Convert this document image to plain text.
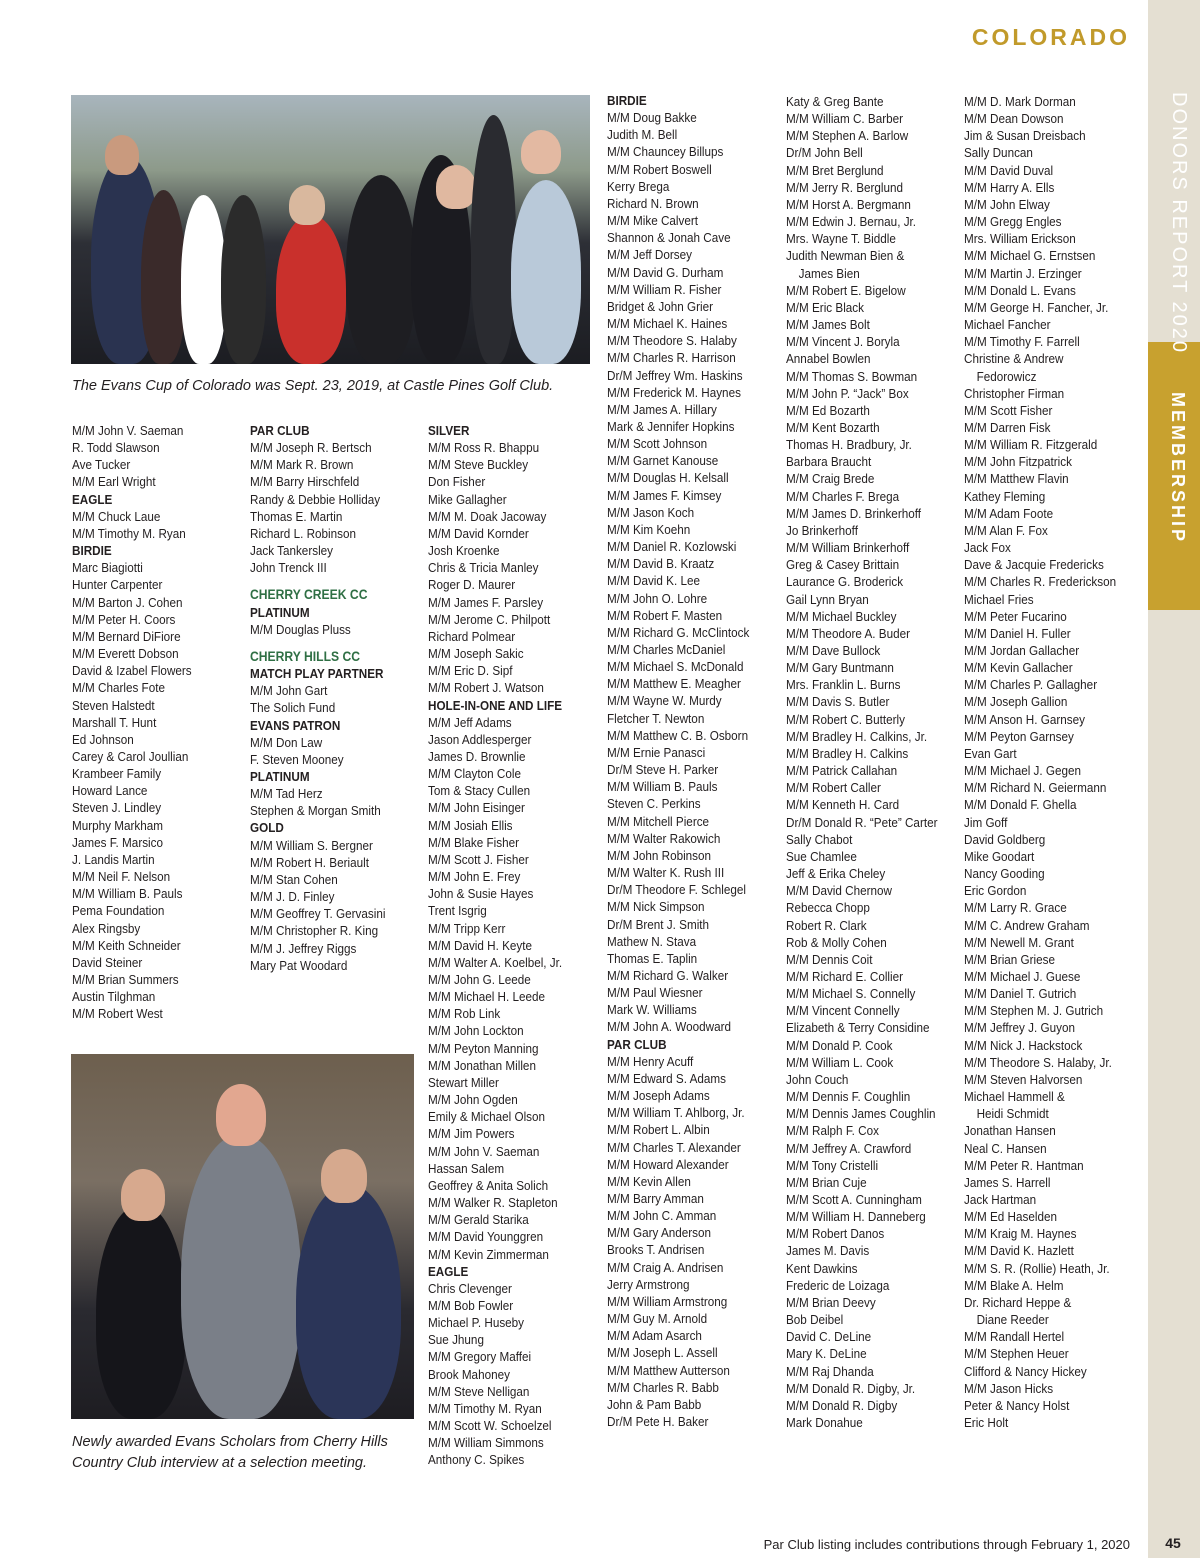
COLORADO
DONORS REPORT 2020
MEMBERSHIP
The Evans Cup of Colorado was Sept. 23, 2019, at Castle Pines Golf Club.
Newly awarded Evans Scholars from Cherry Hills Country Club interview at a selection meeting.
M/M John V. Saeman
R. Todd Slawson
Ave Tucker
M/M Earl Wright
EAGLE
M/M Chuck Laue
M/M Timothy M. Ryan
BIRDIE
Marc Biagiotti
Hunter Carpenter
M/M Barton J. Cohen
M/M Peter H. Coors
M/M Bernard DiFiore
M/M Everett Dobson
David & Izabel Flowers
M/M Charles Fote
Steven Halstedt
Marshall T. Hunt
Ed Johnson
Carey & Carol Joullian
Krambeer Family
Howard Lance
Steven J. Lindley
Murphy Markham
James F. Marsico
J. Landis Martin
M/M Neil F. Nelson
M/M William B. Pauls
Pema Foundation
Alex Ringsby
M/M Keith Schneider
David Steiner
M/M Brian Summers
Austin Tilghman
M/M Robert West
PAR CLUB
M/M Joseph R. Bertsch
M/M Mark R. Brown
M/M Barry Hirschfeld
Randy & Debbie Holliday
Thomas E. Martin
Richard L. Robinson
Jack Tankersley
John Trenck III
CHERRY CREEK CC
PLATINUM
M/M Douglas Pluss
CHERRY HILLS CC
MATCH PLAY PARTNER
M/M John Gart
The Solich Fund
EVANS PATRON
M/M Don Law
F. Steven Mooney
PLATINUM
M/M Tad Herz
Stephen & Morgan Smith
GOLD
M/M William S. Bergner
M/M Robert H. Beriault
M/M Stan Cohen
M/M J. D. Finley
M/M Geoffrey T. Gervasini
M/M Christopher R. King
M/M J. Jeffrey Riggs
Mary Pat Woodard
SILVER
M/M Ross R. Bhappu
M/M Steve Buckley
Don Fisher
Mike Gallagher
M/M M. Doak Jacoway
M/M David Kornder
Josh Kroenke
Chris & Tricia Manley
Roger D. Maurer
M/M James F. Parsley
M/M Jerome C. Philpott
Richard Polmear
M/M Joseph Sakic
M/M Eric D. Sipf
M/M Robert J. Watson
HOLE-IN-ONE AND LIFE
M/M Jeff Adams
Jason Addlesperger
James D. Brownlie
M/M Clayton Cole
Tom & Stacy Cullen
M/M John Eisinger
M/M Josiah Ellis
M/M Blake Fisher
M/M Scott J. Fisher
M/M John E. Frey
John & Susie Hayes
Trent Isgrig
M/M Tripp Kerr
M/M David H. Keyte
M/M Walter A. Koelbel, Jr.
M/M John G. Leede
M/M Michael H. Leede
M/M Rob Link
M/M John Lockton
M/M Peyton Manning
M/M Jonathan Millen
Stewart Miller
M/M John Ogden
Emily & Michael Olson
M/M Jim Powers
M/M John V. Saeman
Hassan Salem
Geoffrey & Anita Solich
M/M Walker R. Stapleton
M/M Gerald Starika
M/M David Younggren
M/M Kevin Zimmerman
EAGLE
Chris Clevenger
M/M Bob Fowler
Michael P. Huseby
Sue Jhung
M/M Gregory Maffei
Brook Mahoney
M/M Steve Nelligan
M/M Timothy M. Ryan
M/M Scott W. Schoelzel
M/M William Simmons
Anthony C. Spikes
BIRDIE
M/M Doug Bakke
Judith M. Bell
M/M Chauncey Billups
M/M Robert Boswell
Kerry Brega
Richard N. Brown
M/M Mike Calvert
Shannon & Jonah Cave
M/M Jeff Dorsey
M/M David G. Durham
M/M William R. Fisher
Bridget & John Grier
M/M Michael K. Haines
M/M Theodore S. Halaby
M/M Charles R. Harrison
Dr/M Jeffrey Wm. Haskins
M/M Frederick M. Haynes
M/M James A. Hillary
Mark & Jennifer Hopkins
M/M Scott Johnson
M/M Garnet Kanouse
M/M Douglas H. Kelsall
M/M James F. Kimsey
M/M Jason Koch
M/M Kim Koehn
M/M Daniel R. Kozlowski
M/M David B. Kraatz
M/M David K. Lee
M/M John O. Lohre
M/M Robert F. Masten
M/M Richard G. McClintock
M/M Charles McDaniel
M/M Michael S. McDonald
M/M Matthew E. Meagher
M/M Wayne W. Murdy
Fletcher T. Newton
M/M Matthew C. B. Osborn
M/M Ernie Panasci
Dr/M Steve H. Parker
M/M William B. Pauls
Steven C. Perkins
M/M Mitchell Pierce
M/M Walter Rakowich
M/M John Robinson
M/M Walter K. Rush III
Dr/M Theodore F. Schlegel
M/M Nick Simpson
Dr/M Brent J. Smith
Mathew N. Stava
Thomas E. Taplin
M/M Richard G. Walker
M/M Paul Wiesner
Mark W. Williams
M/M John A. Woodward
PAR CLUB
M/M Henry Acuff
M/M Edward S. Adams
M/M Joseph Adams
M/M William T. Ahlborg, Jr.
M/M Robert L. Albin
M/M Charles T. Alexander
M/M Howard Alexander
M/M Kevin Allen
M/M Barry Amman
M/M John C. Amman
M/M Gary Anderson
Brooks T. Andrisen
M/M Craig A. Andrisen
Jerry Armstrong
M/M William Armstrong
M/M Guy M. Arnold
M/M Adam Asarch
M/M Joseph L. Assell
M/M Matthew Autterson
M/M Charles R. Babb
John & Pam Babb
Dr/M Pete H. Baker
Katy & Greg Bante
M/M William C. Barber
M/M Stephen A. Barlow
Dr/M John Bell
M/M Bret Berglund
M/M Jerry R. Berglund
M/M Horst A. Bergmann
M/M Edwin J. Bernau, Jr.
Mrs. Wayne T. Biddle
Judith Newman Bien &
James Bien
M/M Robert E. Bigelow
M/M Eric Black
M/M James Bolt
M/M Vincent J. Boryla
Annabel Bowlen
M/M Thomas S. Bowman
M/M John P. “Jack” Box
M/M Ed Bozarth
M/M Kent Bozarth
Thomas H. Bradbury, Jr.
Barbara Braucht
M/M Craig Brede
M/M Charles F. Brega
M/M James D. Brinkerhoff
Jo Brinkerhoff
M/M William Brinkerhoff
Greg & Casey Brittain
Laurance G. Broderick
Gail Lynn Bryan
M/M Michael Buckley
M/M Theodore A. Buder
M/M Dave Bullock
M/M Gary Buntmann
Mrs. Franklin L. Burns
M/M Davis S. Butler
M/M Robert C. Butterly
M/M Bradley H. Calkins, Jr.
M/M Bradley H. Calkins
M/M Patrick Callahan
M/M Robert Caller
M/M Kenneth H. Card
Dr/M Donald R. “Pete” Carter
Sally Chabot
Sue Chamlee
Jeff & Erika Cheley
M/M David Chernow
Rebecca Chopp
Robert R. Clark
Rob & Molly Cohen
M/M Dennis Coit
M/M Richard E. Collier
M/M Michael S. Connelly
M/M Vincent Connelly
Elizabeth & Terry Considine
M/M Donald P. Cook
M/M William L. Cook
John Couch
M/M Dennis F. Coughlin
M/M Dennis James Coughlin
M/M Ralph F. Cox
M/M Jeffrey A. Crawford
M/M Tony Cristelli
M/M Brian Cuje
M/M Scott A. Cunningham
M/M William H. Danneberg
M/M Robert Danos
James M. Davis
Kent Dawkins
Frederic de Loizaga
M/M Brian Deevy
Bob Deibel
David C. DeLine
Mary K. DeLine
M/M Raj Dhanda
M/M Donald R. Digby, Jr.
M/M Donald R. Digby
Mark Donahue
M/M D. Mark Dorman
M/M Dean Dowson
Jim & Susan Dreisbach
Sally Duncan
M/M David Duval
M/M Harry A. Ells
M/M John Elway
M/M Gregg Engles
Mrs. William Erickson
M/M Michael G. Ernstsen
M/M Martin J. Erzinger
M/M Donald L. Evans
M/M George H. Fancher, Jr.
Michael Fancher
M/M Timothy F. Farrell
Christine & Andrew
Fedorowicz
Christopher Firman
M/M Scott Fisher
M/M Darren Fisk
M/M William R. Fitzgerald
M/M John Fitzpatrick
M/M Matthew Flavin
Kathey Fleming
M/M Adam Foote
M/M Alan F. Fox
Jack Fox
Dave & Jacquie Fredericks
M/M Charles R. Frederickson
Michael Fries
M/M Peter Fucarino
M/M Daniel H. Fuller
M/M Jordan Gallacher
M/M Kevin Gallacher
M/M Charles P. Gallagher
M/M Joseph Gallion
M/M Anson H. Garnsey
M/M Peyton Garnsey
Evan Gart
M/M Michael J. Gegen
M/M Richard N. Geiermann
M/M Donald F. Ghella
Jim Goff
David Goldberg
Mike Goodart
Nancy Gooding
Eric Gordon
M/M Larry R. Grace
M/M C. Andrew Graham
M/M Newell M. Grant
M/M Brian Griese
M/M Michael J. Guese
M/M Daniel T. Gutrich
M/M Stephen M. J. Gutrich
M/M Jeffrey J. Guyon
M/M Nick J. Hackstock
M/M Theodore S. Halaby, Jr.
M/M Steven Halvorsen
Michael Hammell &
Heidi Schmidt
Jonathan Hansen
Neal C. Hansen
M/M Peter R. Hantman
James S. Harrell
Jack Hartman
M/M Ed Haselden
M/M Kraig M. Haynes
M/M David K. Hazlett
M/M S. R. (Rollie) Heath, Jr.
M/M Blake A. Helm
Dr. Richard Heppe &
Diane Reeder
M/M Randall Hertel
M/M Stephen Heuer
Clifford & Nancy Hickey
M/M Jason Hicks
Peter & Nancy Holst
Eric Holt
Par Club listing includes contributions through February 1, 2020	45
